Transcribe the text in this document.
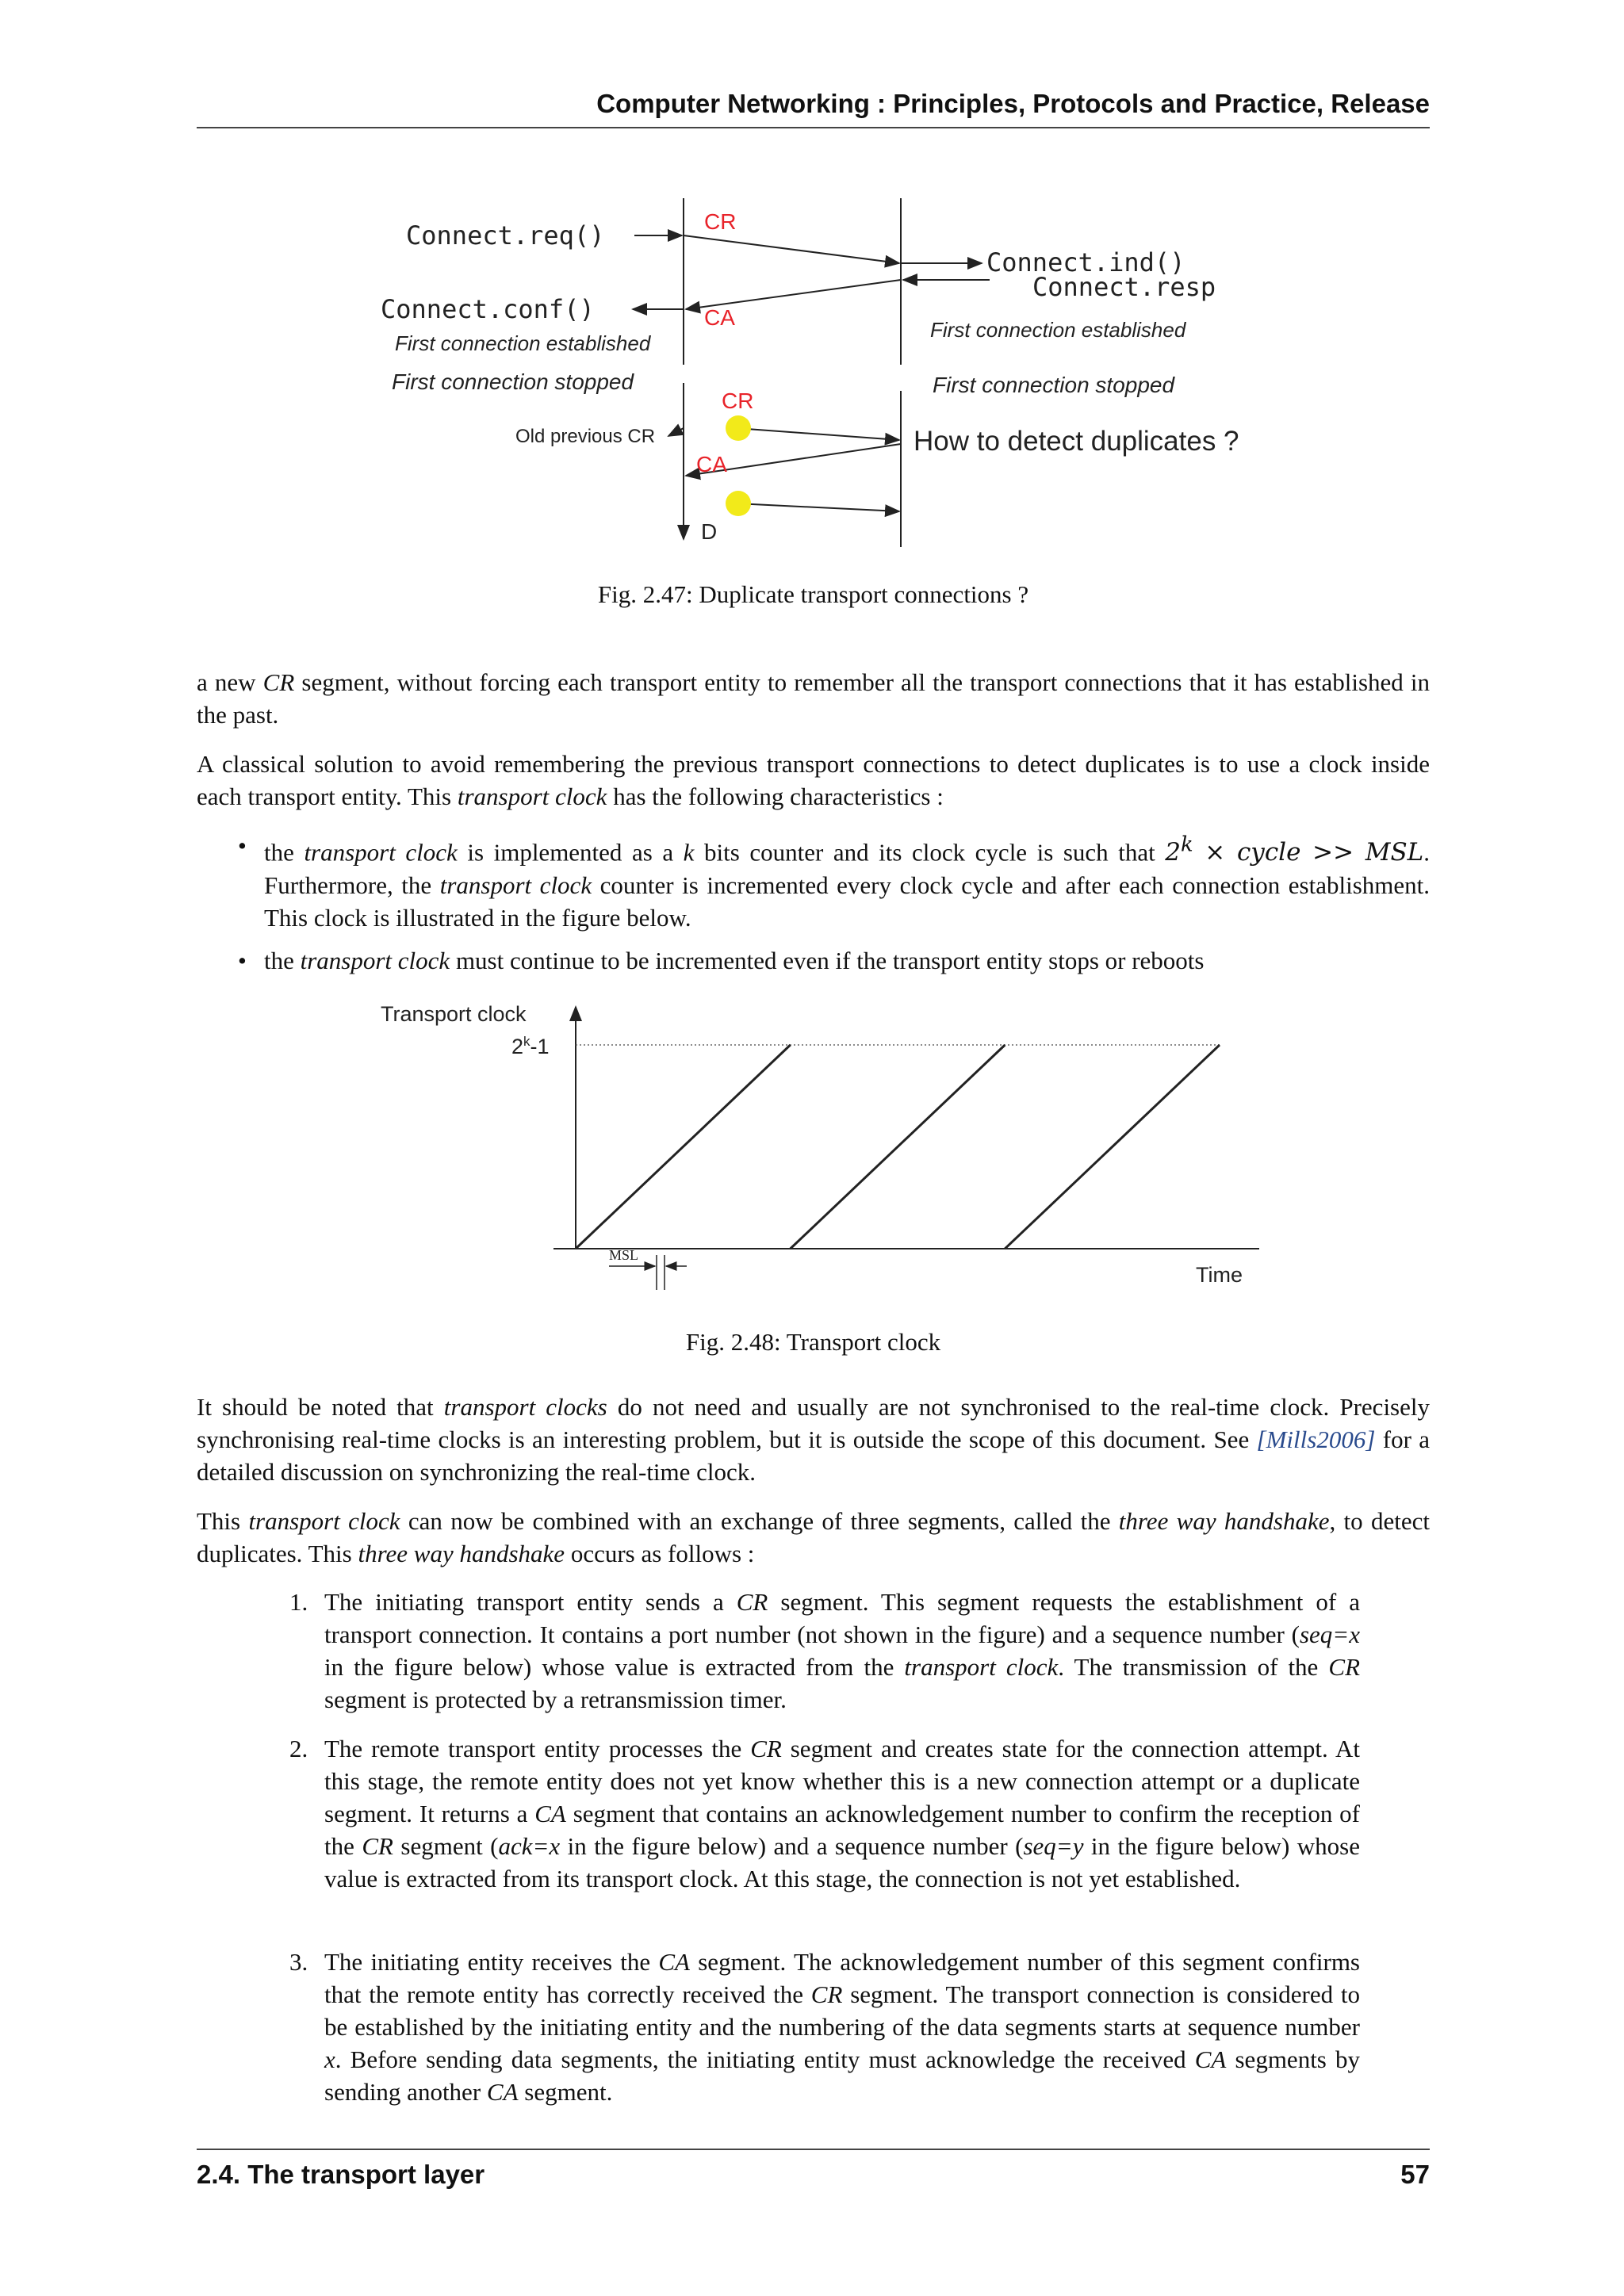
Computer Networking : Principles, Protocols and Practice, Release
CR
CA
CR
CA
D
Connect.req()
Connect.conf()
Connect.ind()
Connect.resp
First connection established
First connection established
First connection stopped	First connection stopped
Old previous CR	How to detect duplicates ?
Fig. 2.47: Duplicate transport connections ?

a new CR segment, without forcing each transport entity to remember all the transport connections that it has established in the past.

A classical solution to avoid remembering the previous transport connections to detect duplicates is to use a clock inside each transport entity. This transport clock has the following characteristics :

• the transport clock is implemented as a k bits counter and its clock cycle is such that $2^k$ × cycle >> MSL. Furthermore, the transport clock counter is incremented every clock cycle and after each connection establishment. This clock is illustrated in the figure below.
• the transport clock must continue to be incremented even if the transport entity stops or reboots
Transport clock
2$^k$-1
Time
MSL
Fig. 2.48: Transport clock

It should be noted that transport clocks do not need and usually are not synchronised to the real-time clock. Precisely synchronising real-time clocks is an interesting problem, but it is outside the scope of this document. See [Mills2006] for a detailed discussion on synchronizing the real-time clock.

This transport clock can now be combined with an exchange of three segments, called the three way handshake, to detect duplicates. This three way handshake occurs as follows :

1. The initiating transport entity sends a CR segment. This segment requests the establishment of a transport connection. It contains a port number (not shown in the figure) and a sequence number (seq=x in the figure below) whose value is extracted from the transport clock. The transmission of the CR segment is protected by a retransmission timer.
2. The remote transport entity processes the CR segment and creates state for the connection attempt. At this stage, the remote entity does not yet know whether this is a new connection attempt or a duplicate segment. It returns a CA segment that contains an acknowledgement number to confirm the reception of the CR segment (ack=x in the figure below) and a sequence number (seq=y in the figure below) whose value is extracted from its transport clock. At this stage, the connection is not yet established.
3. The initiating entity receives the CA segment. The acknowledgement number of this segment confirms that the remote entity has correctly received the CR segment. The transport connection is considered to be established by the initiating entity and the numbering of the data segments starts at sequence number x. Before sending data segments, the initiating entity must acknowledge the received CA segments by sending another CA segment.
2.4. The transport layer	57
